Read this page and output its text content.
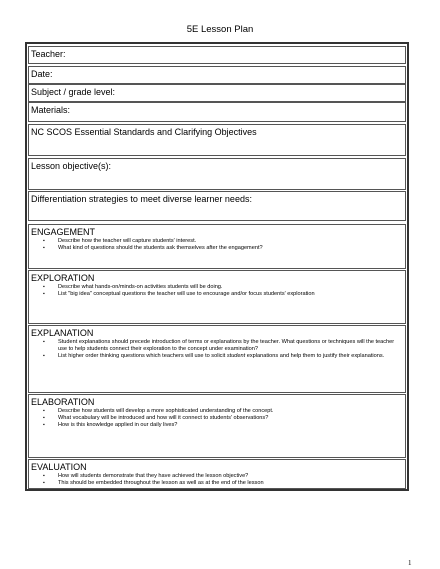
5E Lesson Plan
Teacher:
Date:
Subject / grade level:
Materials:
NC SCOS Essential Standards and Clarifying Objectives
Lesson objective(s):
Differentiation strategies to meet diverse learner needs:
ENGAGEMENT
▪ Describe how the teacher will capture students' interest.
▪ What kind of questions should the students ask themselves after the engagement?
EXPLORATION
▪ Describe what hands-on/minds-on activities students will be doing.
▪ List "big idea" conceptual questions the teacher will use to encourage and/or focus students' exploration
EXPLANATION
▪ Student explanations should precede introduction of terms or explanations by the teacher. What questions or techniques will the teacher use to help students connect their exploration to the concept under examination?
▪ List higher order thinking questions which teachers will use to solicit student explanations and help them to justify their explanations.
ELABORATION
▪ Describe how students will develop a more sophisticated understanding of the concept.
▪ What vocabulary will be introduced and how will it connect to students' observations?
▪ How is this knowledge applied in our daily lives?
EVALUATION
▪ How will students demonstrate that they have achieved the lesson objective?
▪ This should be embedded throughout the lesson as well as at the end of the lesson
1
